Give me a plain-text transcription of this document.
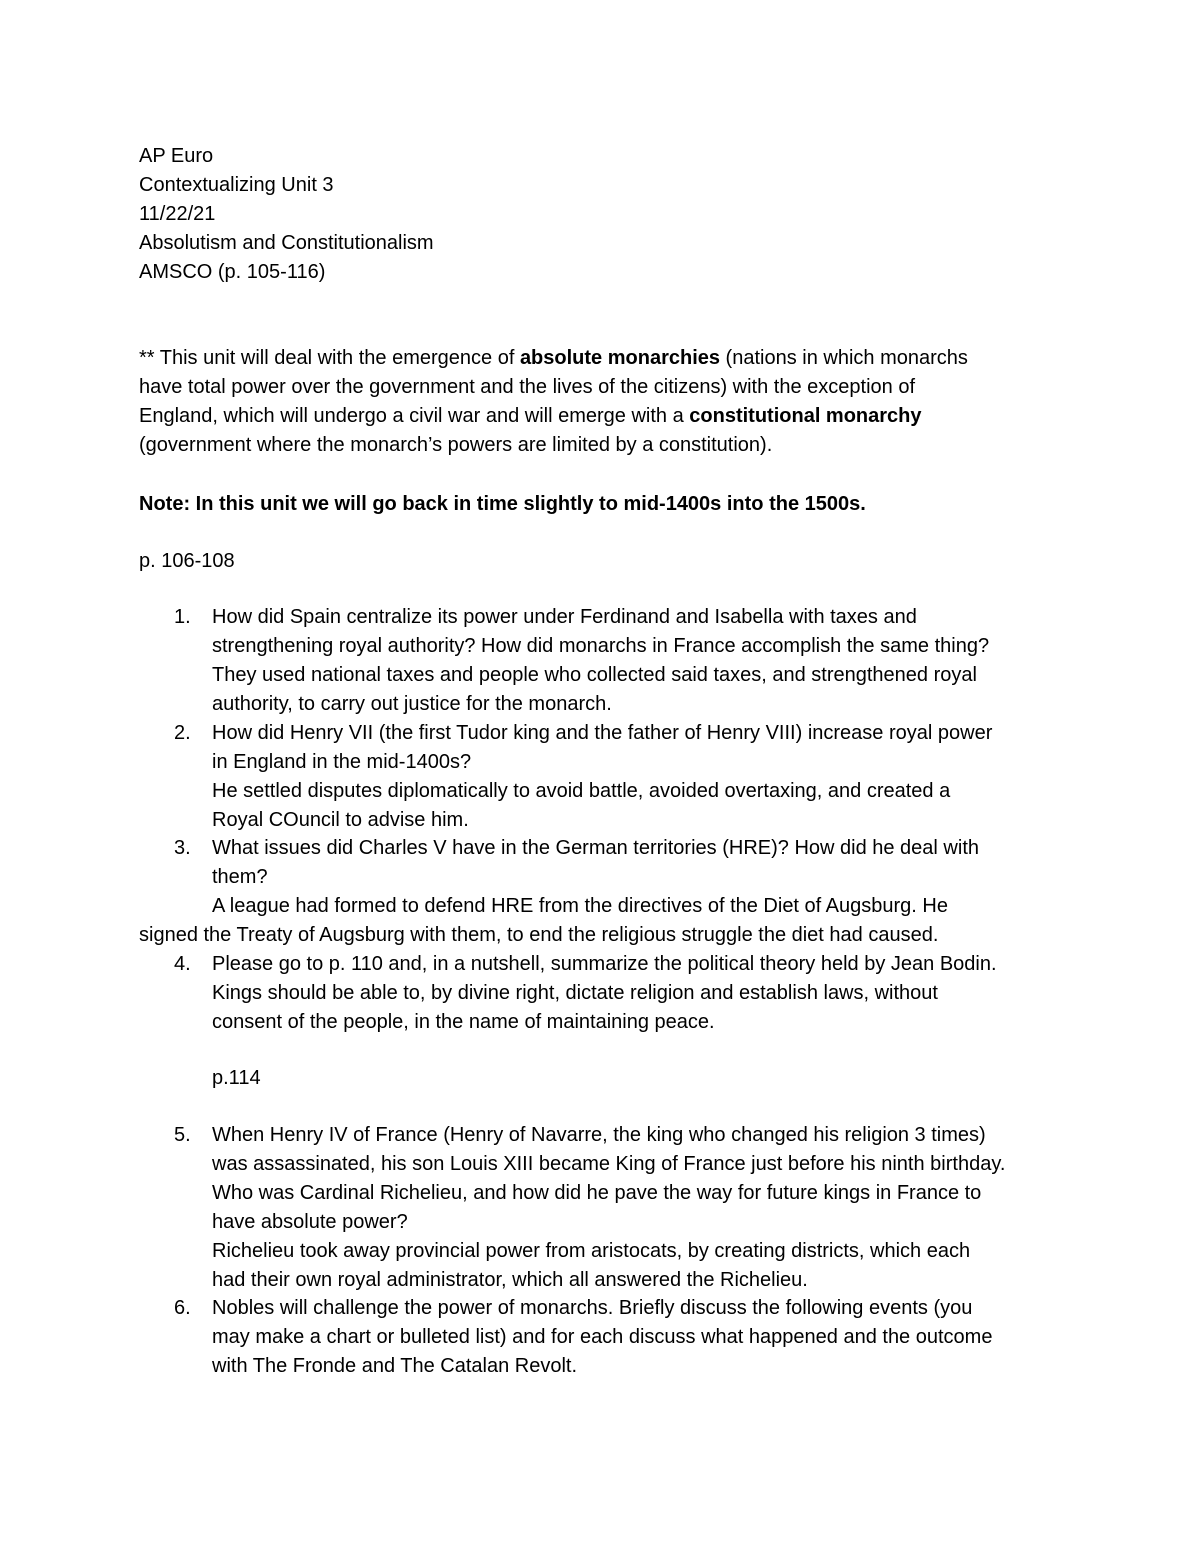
AP Euro
Contextualizing Unit 3
11/22/21
Absolutism and Constitutionalism
AMSCO (p. 105-116)
** This unit will deal with the emergence of absolute monarchies (nations in which monarchs
have total power over the government and the lives of the citizens) with the exception of
England, which will undergo a civil war and will emerge with a constitutional monarchy
(government where the monarch’s powers are limited by a constitution).
Note: In this unit we will go back in time slightly to mid-1400s into the 1500s.
p. 106-108
1.	How did Spain centralize its power under Ferdinand and Isabella with taxes and
strengthening royal authority? How did monarchs in France accomplish the same thing?
They used national taxes and people who collected said taxes, and strengthened royal
authority, to carry out justice for the monarch.
2.	How did Henry VII (the first Tudor king and the father of Henry VIII) increase royal power
in England in the mid-1400s?
He settled disputes diplomatically to avoid battle, avoided overtaxing, and created a
Royal COuncil to advise him.
3.	What issues did Charles V have in the German territories (HRE)? How did he deal with
them?
A league had formed to defend HRE from the directives of the Diet of Augsburg. He
signed the Treaty of Augsburg with them, to end the religious struggle the diet had caused.
4.	Please go to p. 110 and, in a nutshell, summarize the political theory held by Jean Bodin.
Kings should be able to, by divine right, dictate religion and establish laws, without
consent of the people, in the name of maintaining peace.
p.114
5.	When Henry IV of France (Henry of Navarre, the king who changed his religion 3 times)
was assassinated, his son Louis XIII became King of France just before his ninth birthday.
Who was Cardinal Richelieu, and how did he pave the way for future kings in France to
have absolute power?
Richelieu took away provincial power from aristocats, by creating districts, which each
had their own royal administrator, which all answered the Richelieu.
6.	Nobles will challenge the power of monarchs. Briefly discuss the following events (you
may make a chart or bulleted list) and for each discuss what happened and the outcome
with The Fronde and The Catalan Revolt.
